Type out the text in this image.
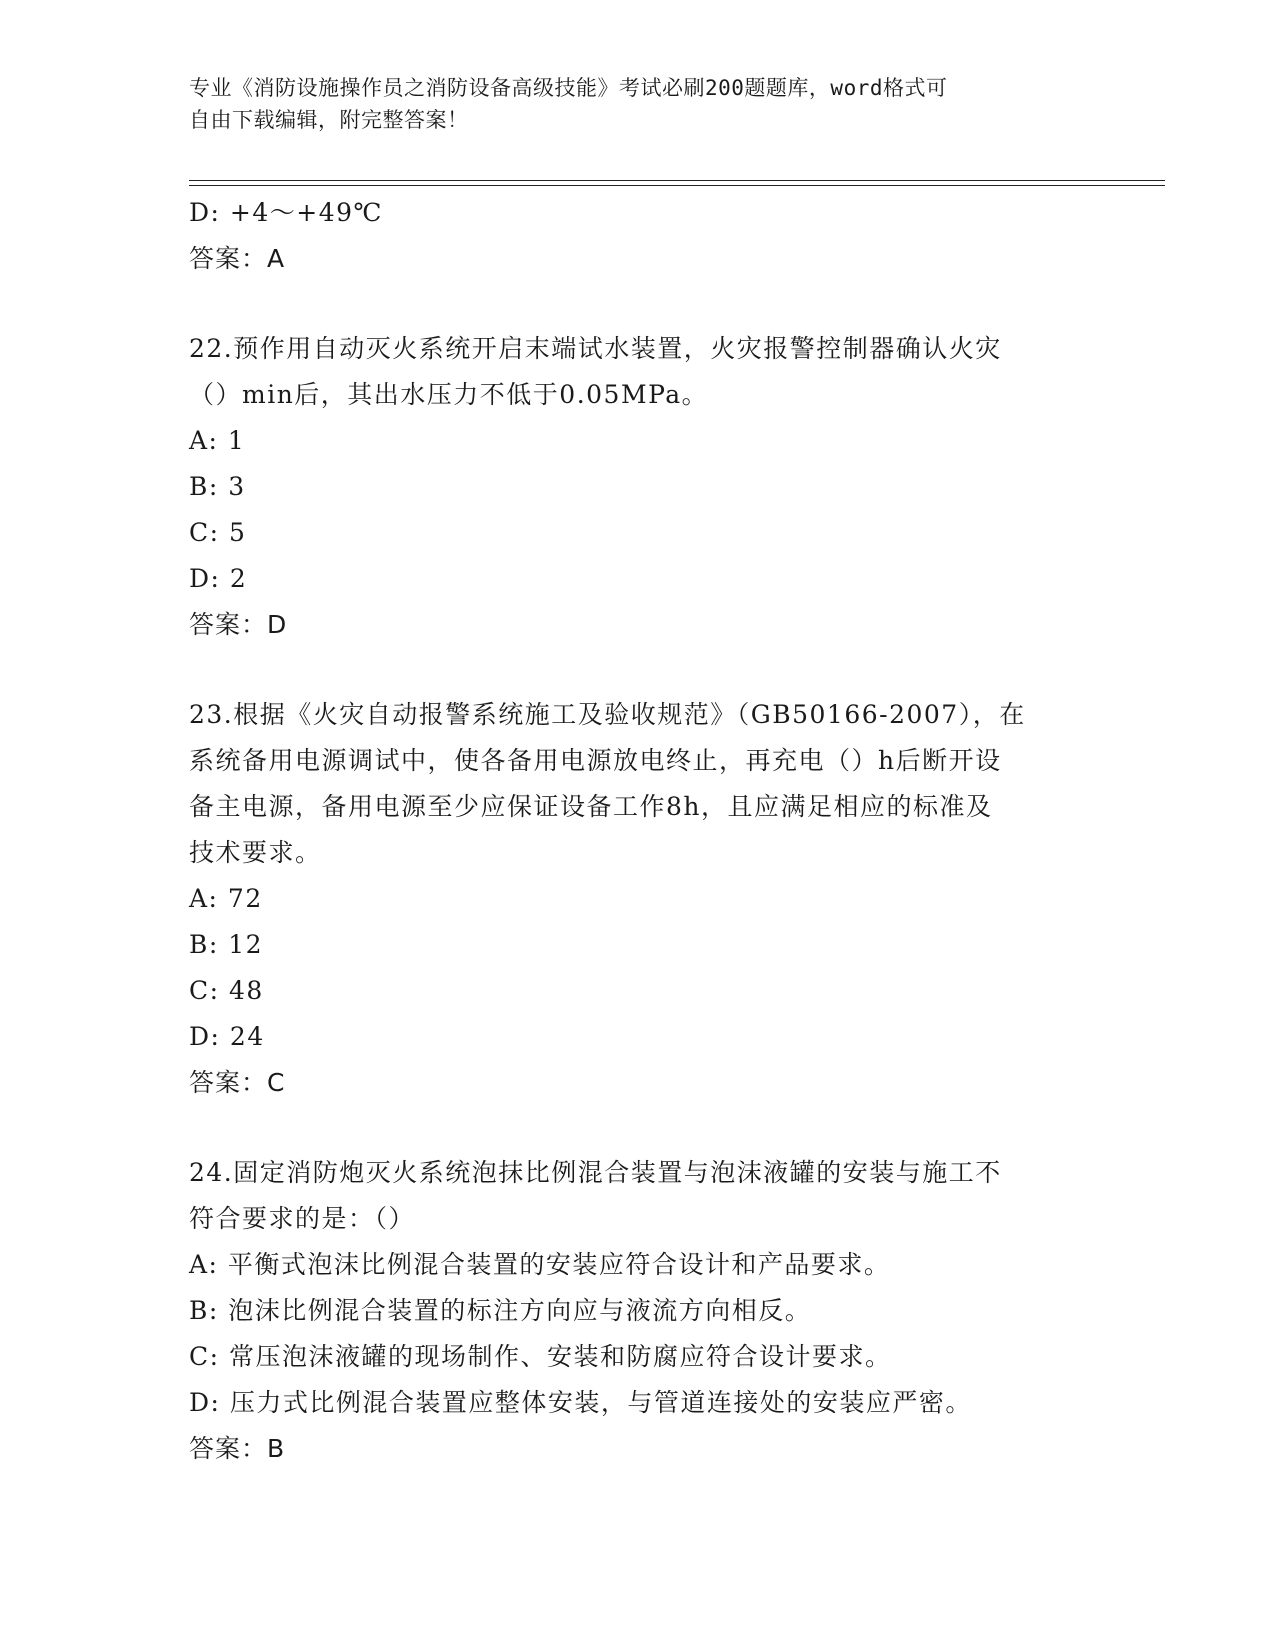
专业《消防设施操作员之消防设备高级技能》考试必刷200题题库，word格式可
自由下载编辑，附完整答案！
D: +4～+49℃
答案：A
22.预作用自动灭火系统开启末端试水装置，火灾报警控制器确认火灾
（）min后，其出水压力不低于0.05MPa。
A: 1
B: 3
C: 5
D: 2
答案：D
23.根据《火灾自动报警系统施工及验收规范》（GB50166-2007），在
系统备用电源调试中，使各备用电源放电终止，再充电（）h后断开设
备主电源，备用电源至少应保证设备工作8h，且应满足相应的标准及
技术要求。
A: 72
B: 12
C: 48
D: 24
答案：C
24.固定消防炮灭火系统泡抹比例混合装置与泡沫液罐的安装与施工不
符合要求的是：（）
A: 平衡式泡沫比例混合装置的安装应符合设计和产品要求。
B: 泡沫比例混合装置的标注方向应与液流方向相反。
C: 常压泡沫液罐的现场制作、安装和防腐应符合设计要求。
D: 压力式比例混合装置应整体安装，与管道连接处的安装应严密。
答案：B
